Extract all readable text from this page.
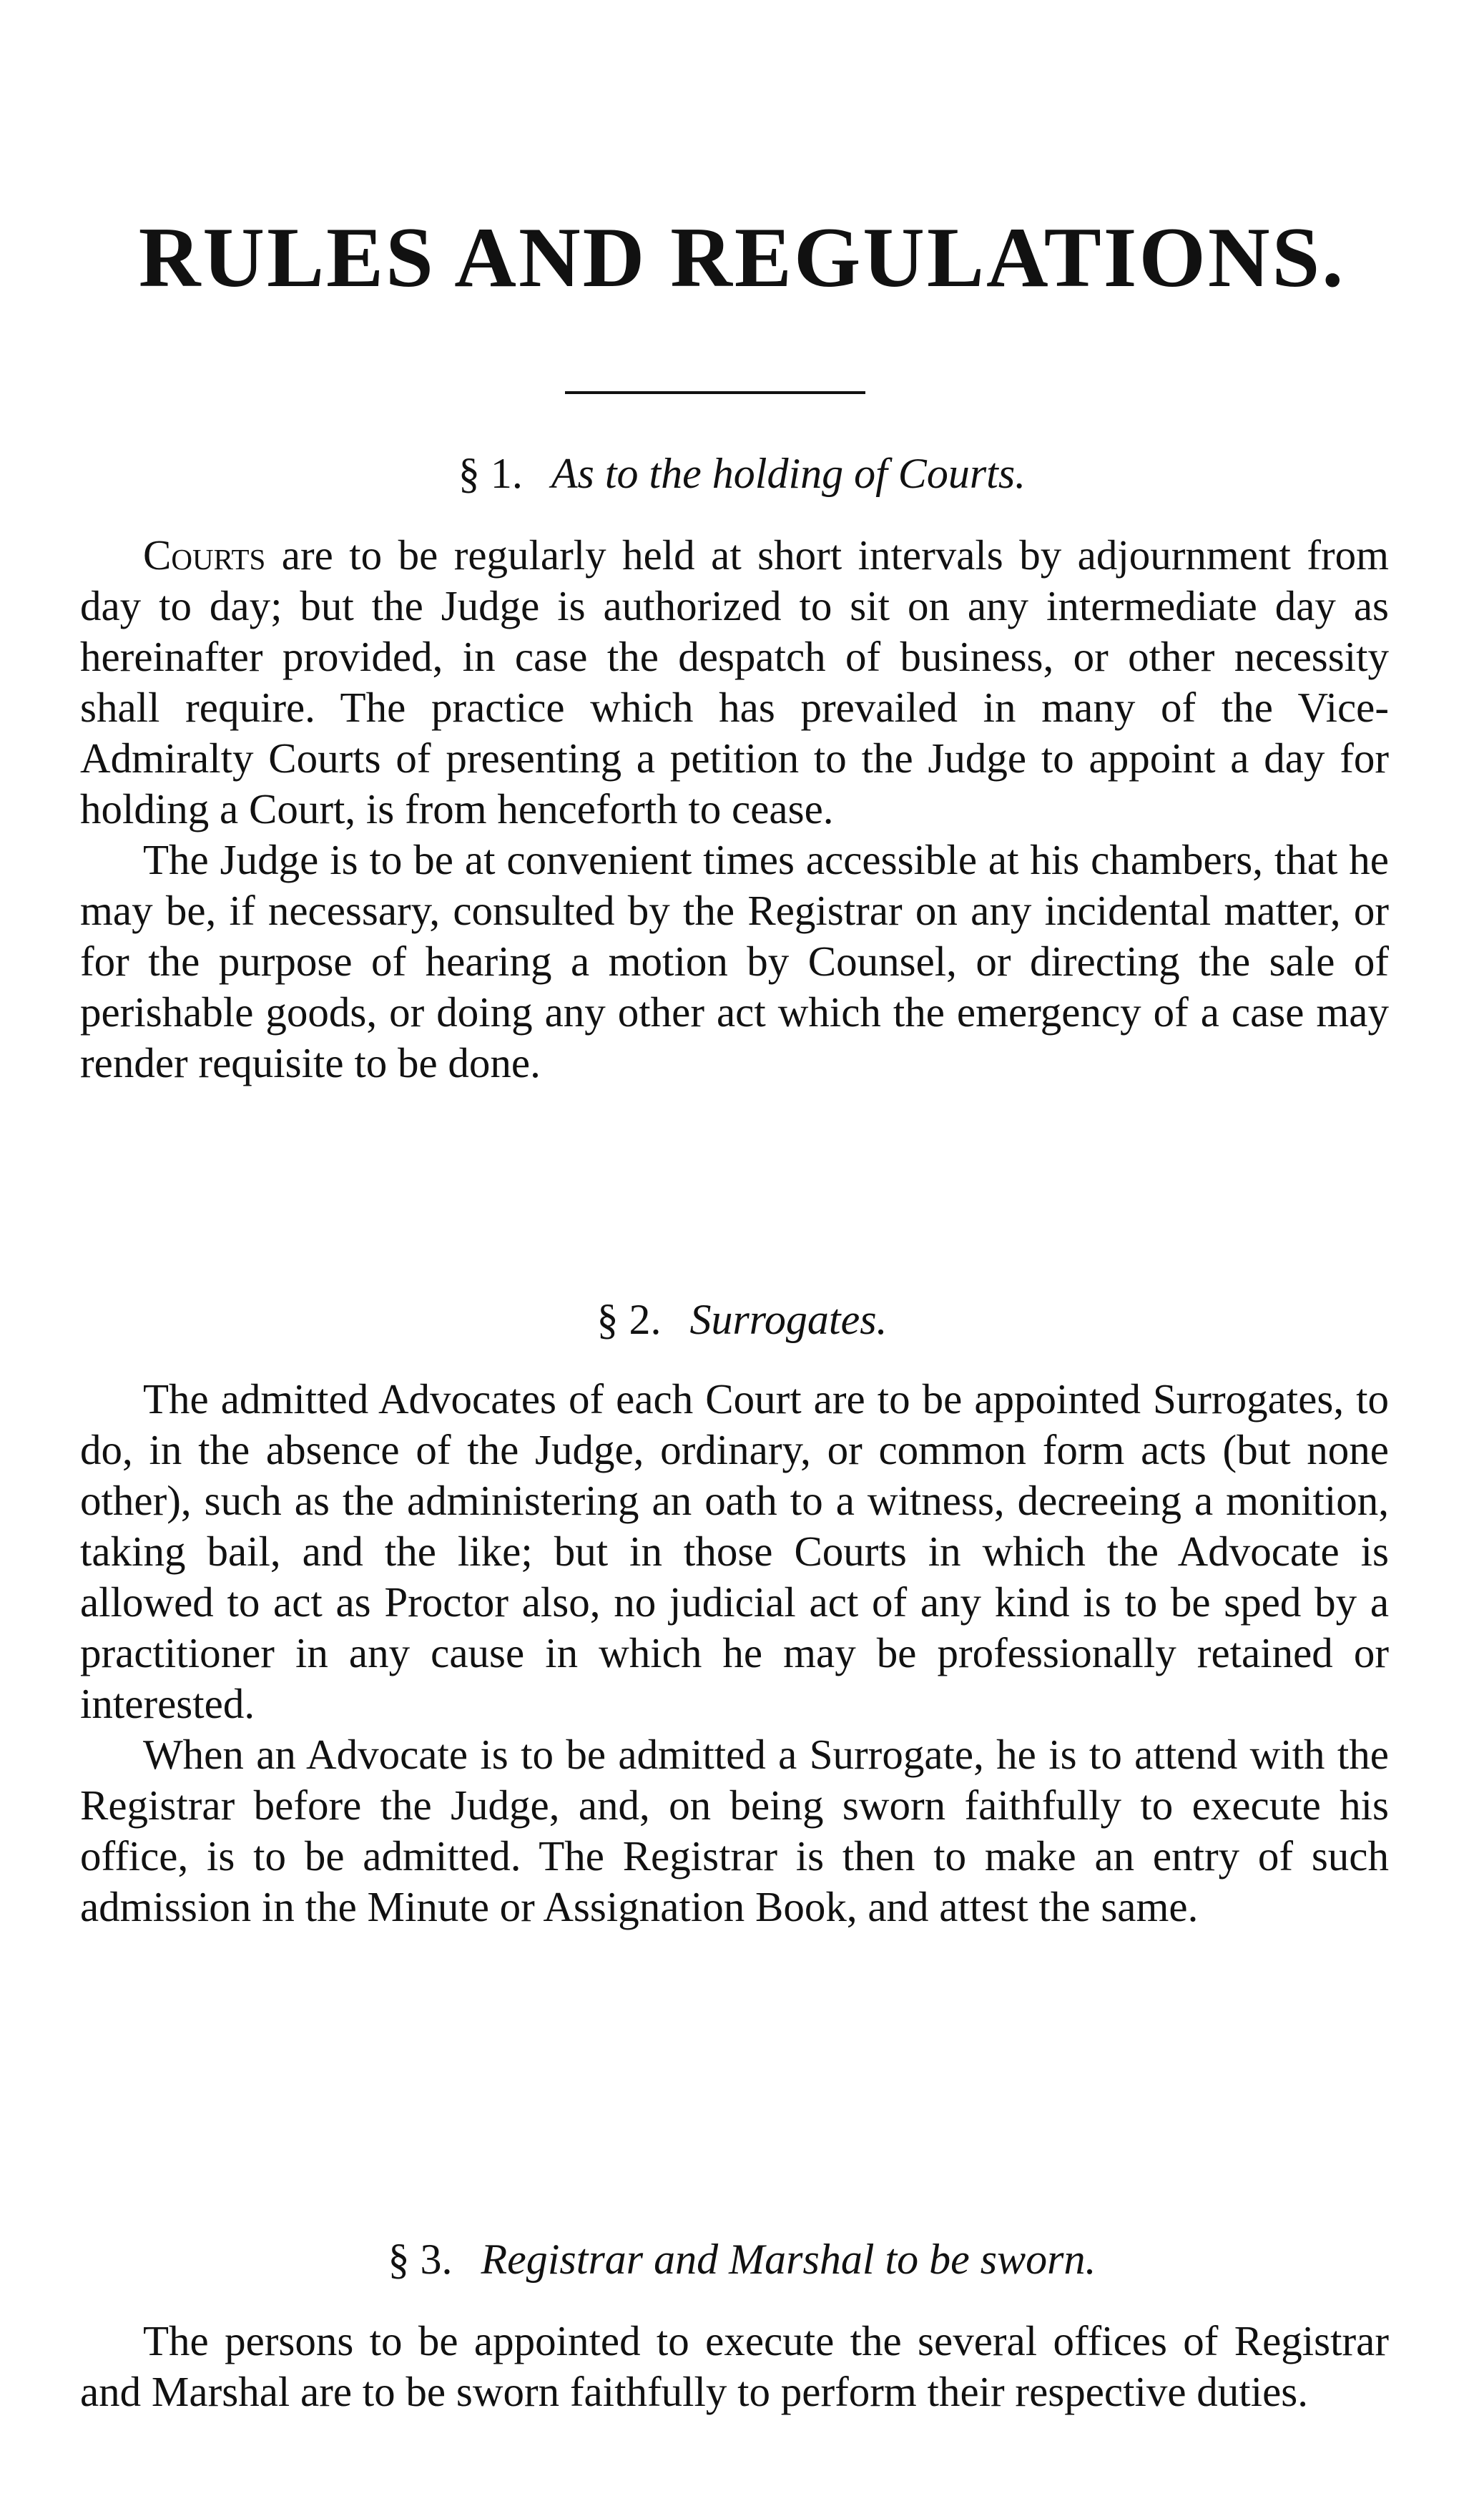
RULES AND REGULATIONS.

§ 1. As to the holding of Courts.

Courts are to be regularly held at short intervals by adjournment from day to day; but the Judge is authorized to sit on any intermediate day as hereinafter provided, in case the despatch of business, or other necessity shall require. The practice which has prevailed in many of the Vice-Admiralty Courts of presenting a petition to the Judge to appoint a day for holding a Court, is from henceforth to cease.

The Judge is to be at convenient times accessible at his chambers, that he may be, if necessary, consulted by the Registrar on any incidental matter, or for the purpose of hearing a motion by Counsel, or directing the sale of perishable goods, or doing any other act which the emergency of a case may render requisite to be done.

§ 2. Surrogates.

The admitted Advocates of each Court are to be appointed Surrogates, to do, in the absence of the Judge, ordinary, or common form acts (but none other), such as the administering an oath to a witness, decreeing a monition, taking bail, and the like; but in those Courts in which the Advocate is allowed to act as Proctor also, no judicial act of any kind is to be sped by a practitioner in any cause in which he may be professionally retained or interested.

When an Advocate is to be admitted a Surrogate, he is to attend with the Registrar before the Judge, and, on being sworn faithfully to execute his office, is to be admitted. The Registrar is then to make an entry of such admission in the Minute or Assignation Book, and attest the same.

§ 3. Registrar and Marshal to be sworn.

The persons to be appointed to execute the several offices of Registrar and Marshal are to be sworn faithfully to perform their respective duties.
